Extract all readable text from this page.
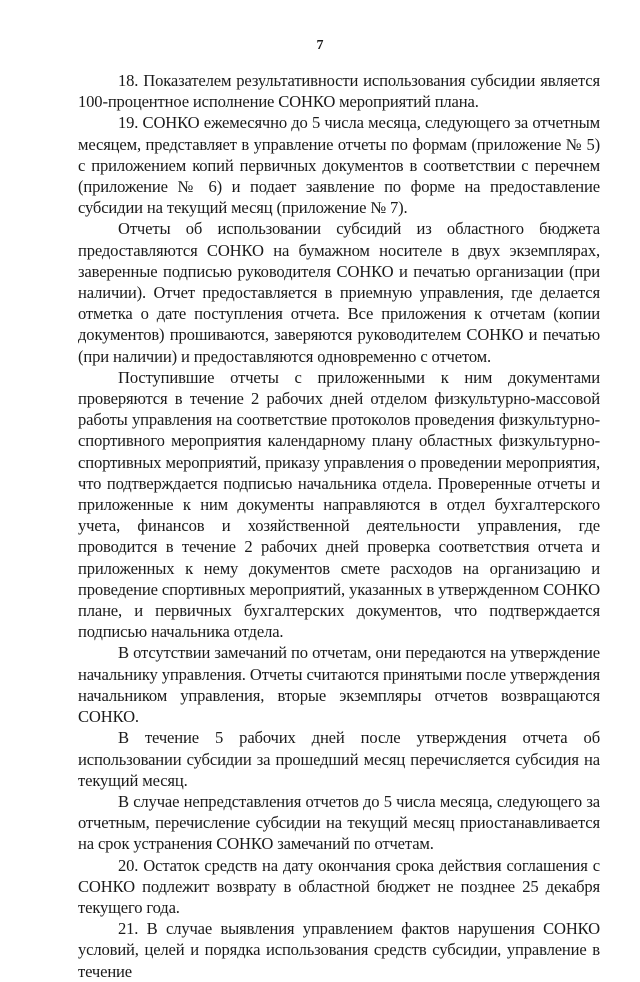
7

18. Показателем результативности использования субсидии является 100-процентное исполнение СОНКО мероприятий плана.

19. СОНКО ежемесячно до 5 числа месяца, следующего за отчетным месяцем, представляет в управление отчеты по формам (приложение № 5) с приложением копий первичных документов в соответствии с перечнем (приложение № 6) и подает заявление по форме на предоставление субсидии на текущий месяц (приложение № 7).

Отчеты об использовании субсидий из областного бюджета предоставляются СОНКО на бумажном носителе в двух экземплярах, заверенные подписью руководителя СОНКО и печатью организации (при наличии). Отчет предоставляется в приемную управления, где делается отметка о дате поступления отчета. Все приложения к отчетам (копии документов) прошиваются, заверяются руководителем СОНКО и печатью (при наличии) и предоставляются одновременно с отчетом.

Поступившие отчеты с приложенными к ним документами проверяются в течение 2 рабочих дней отделом физкультурно-массовой работы управления на соответствие протоколов проведения физкультурно-спортивного мероприятия календарному плану областных физкультурно-спортивных мероприятий, приказу управления о проведении мероприятия, что подтверждается подписью начальника отдела. Проверенные отчеты и приложенные к ним документы направляются в отдел бухгалтерского учета, финансов и хозяйственной деятельности управления, где проводится в течение 2 рабочих дней проверка соответствия отчета и приложенных к нему документов смете расходов на организацию и проведение спортивных мероприятий, указанных в утвержденном СОНКО плане, и первичных бухгалтерских документов, что подтверждается подписью начальника отдела.

В отсутствии замечаний по отчетам, они передаются на утверждение начальнику управления. Отчеты считаются принятыми после утверждения начальником управления, вторые экземпляры отчетов возвращаются СОНКО.

В течение 5 рабочих дней после утверждения отчета об использовании субсидии за прошедший месяц перечисляется субсидия на текущий месяц.

В случае непредставления отчетов до 5 числа месяца, следующего за отчетным, перечисление субсидии на текущий месяц приостанавливается на срок устранения СОНКО замечаний по отчетам.

20. Остаток средств на дату окончания срока действия соглашения с СОНКО подлежит возврату в областной бюджет не позднее 25 декабря текущего года.

21. В случае выявления управлением фактов нарушения СОНКО условий, целей и порядка использования средств субсидии, управление в течение
